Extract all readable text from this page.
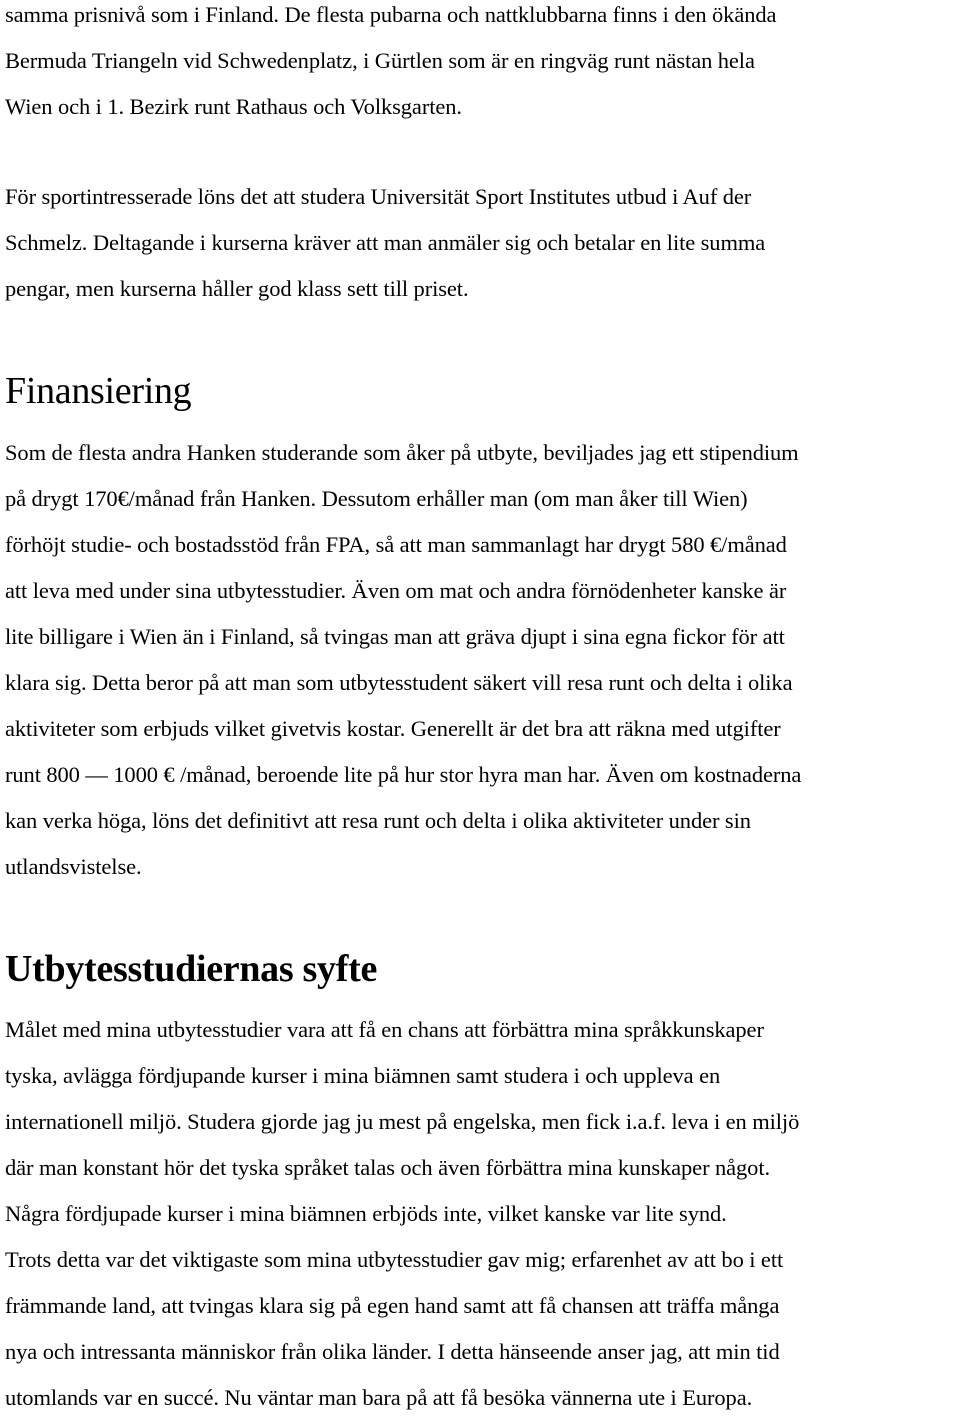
samma prisnivå som i Finland. De flesta pubarna och nattklubbarna finns i den ökända
Bermuda Triangeln vid Schwedenplatz, i Gürtlen som är en ringväg runt nästan hela
Wien och i 1. Bezirk runt Rathaus och Volksgarten.

För sportintresserade löns det att studera Universität Sport Institutes utbud i Auf der
Schmelz. Deltagande i kurserna kräver att man anmäler sig och betalar en lite summa
pengar, men kurserna håller god klass sett till priset.

Finansiering

Som de flesta andra Hanken studerande som åker på utbyte, beviljades jag ett stipendium
på drygt 170€/månad från Hanken. Dessutom erhåller man (om man åker till Wien)
förhöjt studie- och bostadsstöd från FPA, så att man sammanlagt har drygt 580 €/månad
att leva med under sina utbytesstudier. Även om mat och andra förnödenheter kanske är
lite billigare i Wien än i Finland, så tvingas man att gräva djupt i sina egna fickor för att
klara sig. Detta beror på att man som utbytesstudent säkert vill resa runt och delta i olika
aktiviteter som erbjuds vilket givetvis kostar. Generellt är det bra att räkna med utgifter
runt 800 — 1000 € /månad, beroende lite på hur stor hyra man har. Även om kostnaderna
kan verka höga, löns det definitivt att resa runt och delta i olika aktiviteter under sin
utlandsvistelse.

Utbytesstudiernas syfte

Målet med mina utbytesstudier vara att få en chans att förbättra mina språkkunskaper
tyska, avlägga fördjupande kurser i mina biämnen samt studera i och uppleva en
internationell miljö. Studera gjorde jag ju mest på engelska, men fick i.a.f. leva i en miljö
där man konstant hör det tyska språket talas och även förbättra mina kunskaper något.
Några fördjupade kurser i mina biämnen erbjöds inte, vilket kanske var lite synd.
Trots detta var det viktigaste som mina utbytesstudier gav mig; erfarenhet av att bo i ett
främmande land, att tvingas klara sig på egen hand samt att få chansen att träffa många
nya och intressanta människor från olika länder. I detta hänseende anser jag, att min tid
utomlands var en succé. Nu väntar man bara på att få besöka vännerna ute i Europa.
